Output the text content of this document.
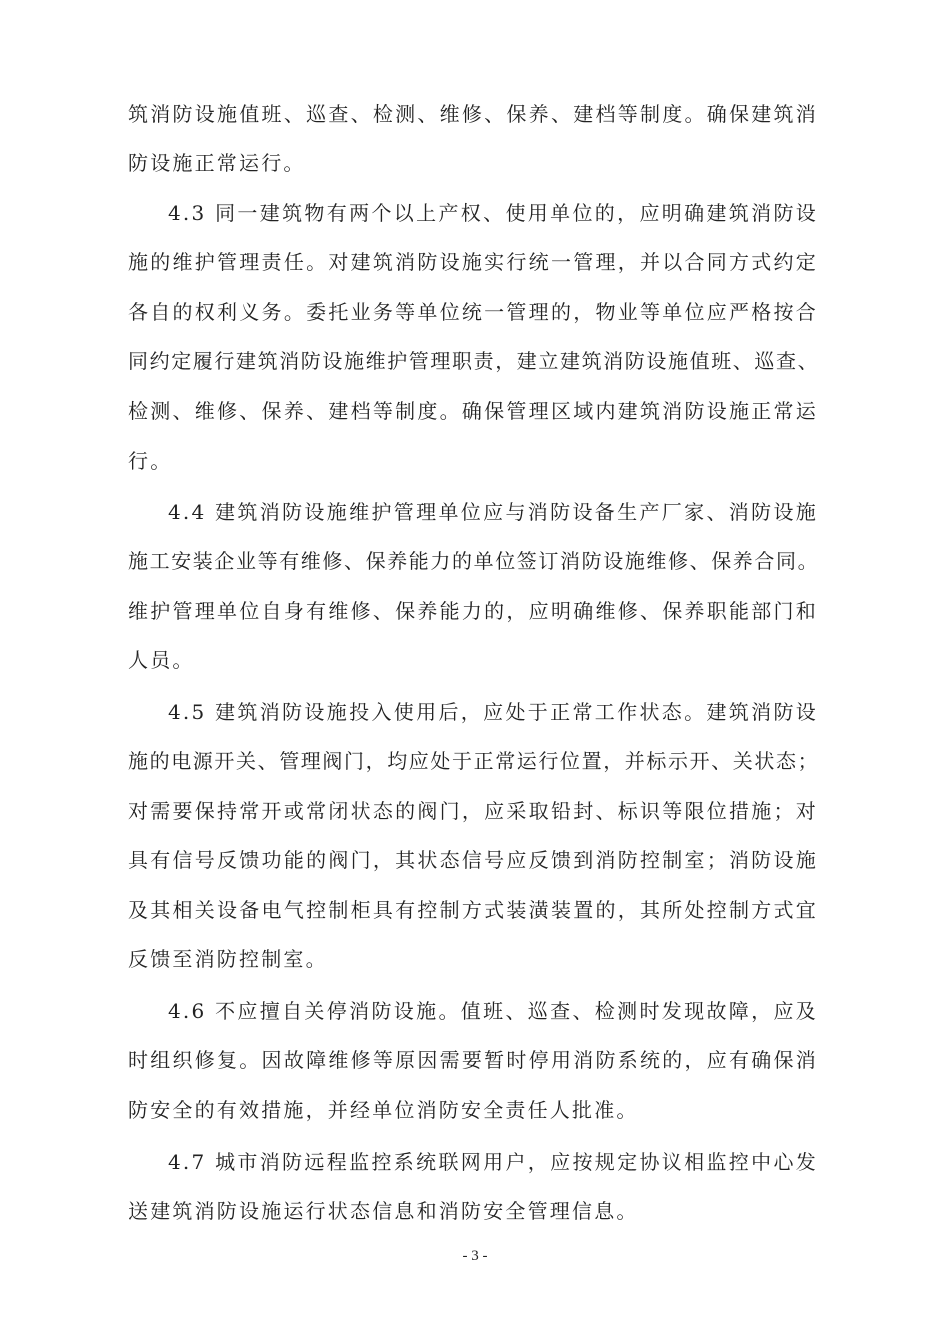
筑消防设施值班、巡查、检测、维修、保养、建档等制度。确保建筑消
防设施正常运行。
4.3 同一建筑物有两个以上产权、使用单位的，应明确建筑消防设
施的维护管理责任。对建筑消防设施实行统一管理，并以合同方式约定
各自的权利义务。委托业务等单位统一管理的，物业等单位应严格按合
同约定履行建筑消防设施维护管理职责，建立建筑消防设施值班、巡查、
检测、维修、保养、建档等制度。确保管理区域内建筑消防设施正常运
行。
4.4 建筑消防设施维护管理单位应与消防设备生产厂家、消防设施
施工安装企业等有维修、保养能力的单位签订消防设施维修、保养合同。
维护管理单位自身有维修、保养能力的，应明确维修、保养职能部门和
人员。
4.5 建筑消防设施投入使用后，应处于正常工作状态。建筑消防设
施的电源开关、管理阀门，均应处于正常运行位置，并标示开、关状态；
对需要保持常开或常闭状态的阀门，应采取铅封、标识等限位措施；对
具有信号反馈功能的阀门，其状态信号应反馈到消防控制室；消防设施
及其相关设备电气控制柜具有控制方式装潢装置的，其所处控制方式宜
反馈至消防控制室。
4.6 不应擅自关停消防设施。值班、巡查、检测时发现故障，应及
时组织修复。因故障维修等原因需要暂时停用消防系统的，应有确保消
防安全的有效措施，并经单位消防安全责任人批准。
4.7 城市消防远程监控系统联网用户，应按规定协议相监控中心发
送建筑消防设施运行状态信息和消防安全管理信息。
- 3 -
